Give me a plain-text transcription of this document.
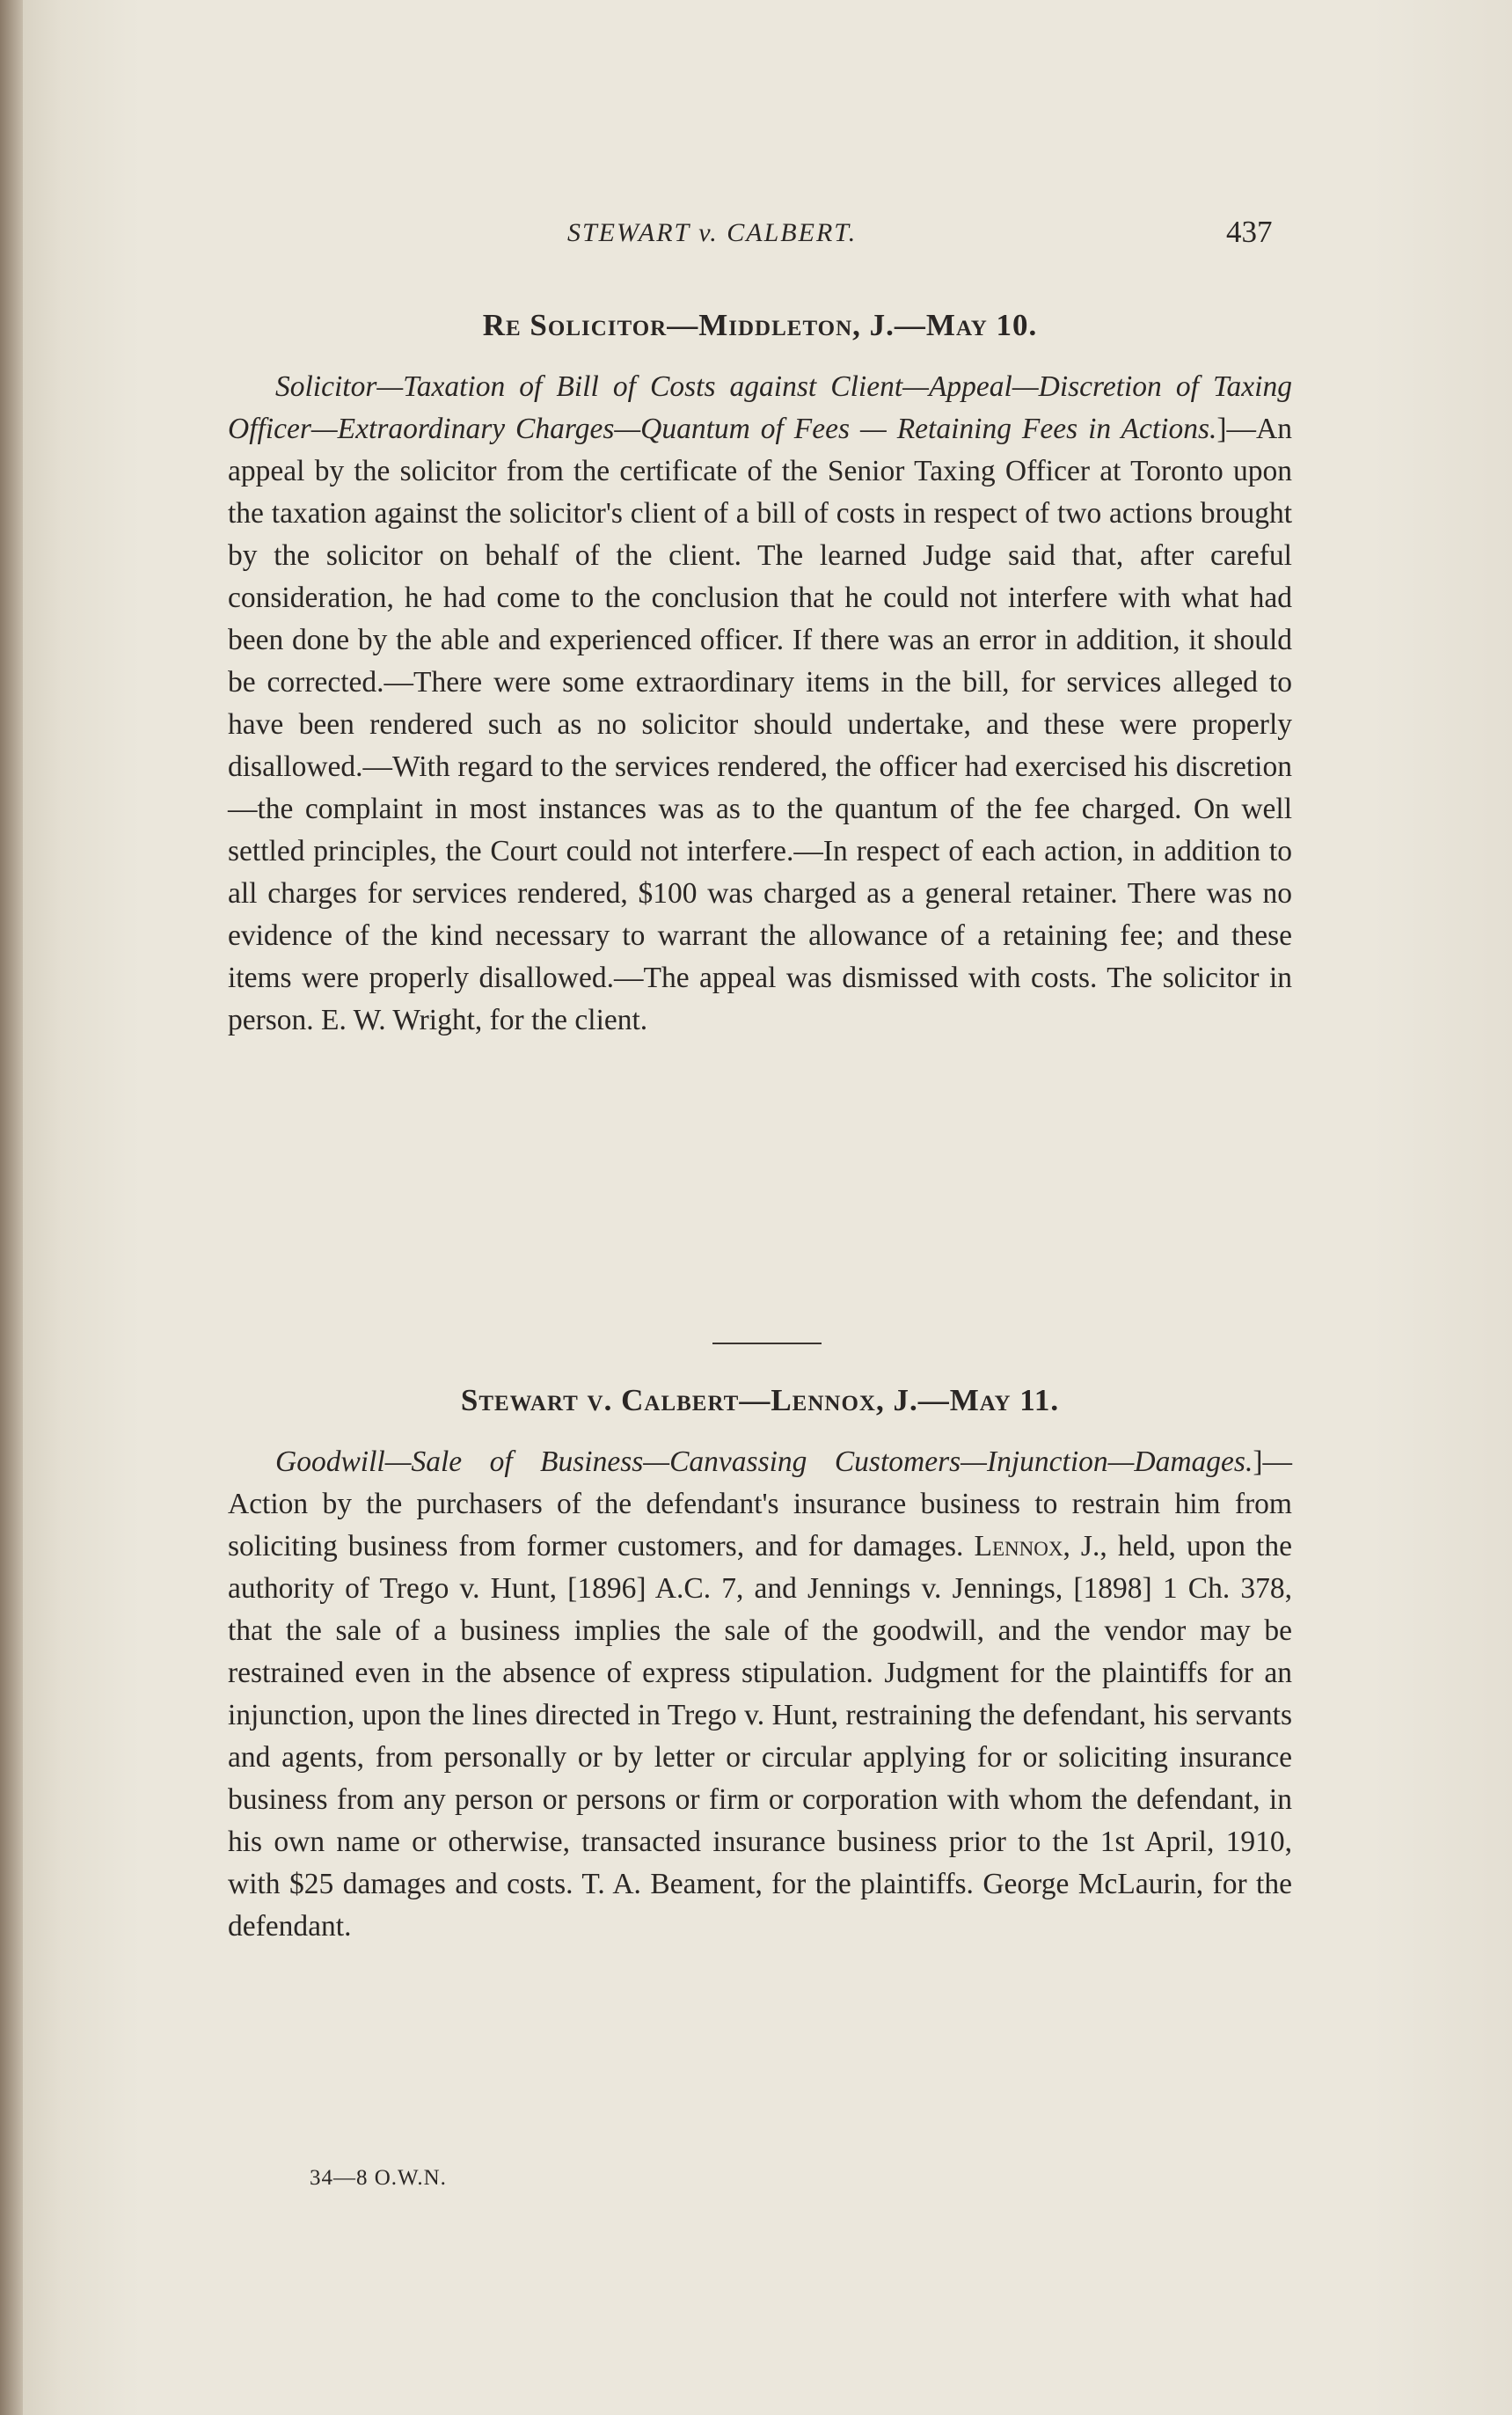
STEWART v. CALBERT.	437
Re Solicitor—Middleton, J.—May 10.

Solicitor—Taxation of Bill of Costs against Client—Appeal—Discretion of Taxing Officer—Extraordinary Charges—Quantum of Fees — Retaining Fees in Actions.]—An appeal by the solicitor from the certificate of the Senior Taxing Officer at Toronto upon the taxation against the solicitor's client of a bill of costs in respect of two actions brought by the solicitor on behalf of the client. The learned Judge said that, after careful consideration, he had come to the conclusion that he could not interfere with what had been done by the able and experienced officer. If there was an error in addition, it should be corrected.—There were some extraordinary items in the bill, for services alleged to have been rendered such as no solicitor should undertake, and these were properly disallowed.—With regard to the services rendered, the officer had exercised his discretion—the complaint in most instances was as to the quantum of the fee charged. On well settled principles, the Court could not interfere.—In respect of each action, in addition to all charges for services rendered, $100 was charged as a general retainer. There was no evidence of the kind necessary to warrant the allowance of a retaining fee; and these items were properly disallowed.—The appeal was dismissed with costs. The solicitor in person. E. W. Wright, for the client.

Stewart v. Calbert—Lennox, J.—May 11.

Goodwill—Sale of Business—Canvassing Customers—Injunction—Damages.]—Action by the purchasers of the defendant's insurance business to restrain him from soliciting business from former customers, and for damages. Lennox, J., held, upon the authority of Trego v. Hunt, [1896] A.C. 7, and Jennings v. Jennings, [1898] 1 Ch. 378, that the sale of a business implies the sale of the goodwill, and the vendor may be restrained even in the absence of express stipulation. Judgment for the plaintiffs for an injunction, upon the lines directed in Trego v. Hunt, restraining the defendant, his servants and agents, from personally or by letter or circular applying for or soliciting insurance business from any person or persons or firm or corporation with whom the defendant, in his own name or otherwise, transacted insurance business prior to the 1st April, 1910, with $25 damages and costs. T. A. Beament, for the plaintiffs. George McLaurin, for the defendant.

34—8 O.W.N.
